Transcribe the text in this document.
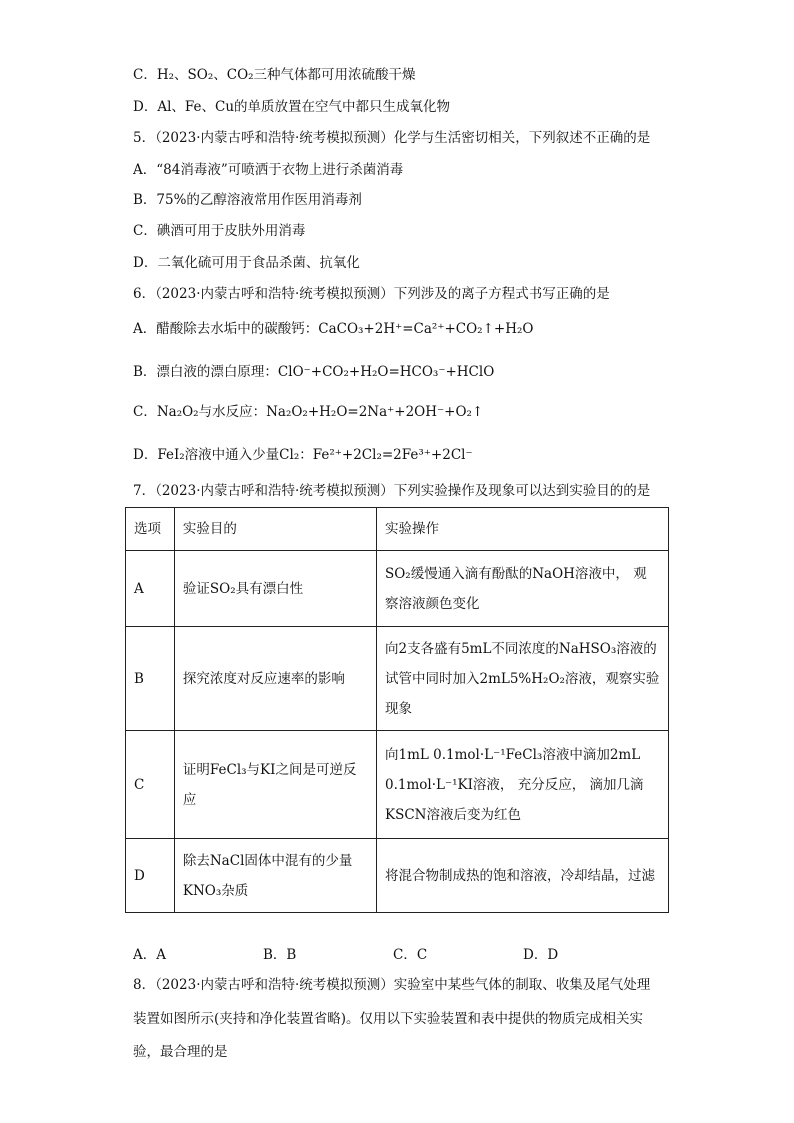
C．H₂、SO₂、CO₂三种气体都可用浓硫酸干燥
D．Al、Fe、Cu的单质放置在空气中都只生成氧化物
5．（2023·内蒙古呼和浩特·统考模拟预测）化学与生活密切相关，下列叙述不正确的是
A．“84消毒液”可喷洒于衣物上进行杀菌消毒
B．75%的乙醇溶液常用作医用消毒剂
C．碘酒可用于皮肤外用消毒
D．二氧化硫可用于食品杀菌、抗氧化
6．（2023·内蒙古呼和浩特·统考模拟预测）下列涉及的离子方程式书写正确的是
A．醋酸除去水垢中的碳酸钙：CaCO₃+2H⁺=Ca²⁺+CO₂↑+H₂O
B．漂白液的漂白原理：ClO⁻+CO₂+H₂O=HCO₃⁻+HClO
C．Na₂O₂与水反应：Na₂O₂+H₂O=2Na⁺+2OH⁻+O₂↑
D．FeI₂溶液中通入少量Cl₂：Fe²⁺+2Cl₂=2Fe³⁺+2Cl⁻
7．（2023·内蒙古呼和浩特·统考模拟预测）下列实验操作及现象可以达到实验目的的是
选项	实验目的	实验操作
A	验证SO₂具有漂白性	SO₂缓慢通入滴有酚酞的NaOH溶液中， 观察溶液颜色变化
B	探究浓度对反应速率的影响	向2支各盛有5mL不同浓度的NaHSO₃溶液的试管中同时加入2mL5%H₂O₂溶液，观察实验现象
C	证明FeCl₃与KI之间是可逆反应	向1mL 0.1mol·L⁻¹FeCl₃溶液中滴加2mL 0.1mol·L⁻¹KI溶液， 充分反应， 滴加几滴KSCN溶液后变为红色
D	除去NaCl固体中混有的少量KNO₃杂质	将混合物制成热的饱和溶液，冷却结晶，过滤
A．A	B．B	C．C	D．D
8．（2023·内蒙古呼和浩特·统考模拟预测）实验室中某些气体的制取、收集及尾气处理
装置如图所示(夹持和净化装置省略)。仅用以下实验装置和表中提供的物质完成相关实
验，最合理的是
